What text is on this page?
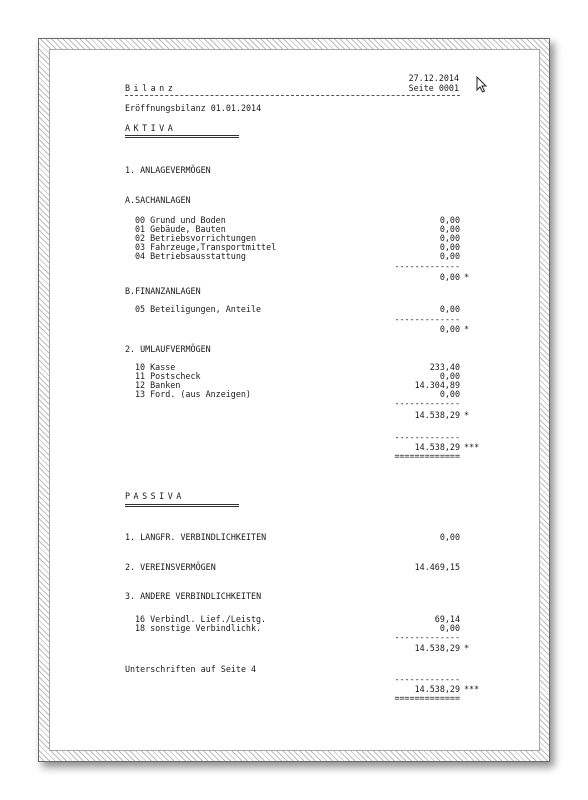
27.12.2014
Bilanz	Seite 0001
Eröffnungsbilanz 01.01.2014
AKTIVA
1. ANLAGEVERMÖGEN
A.SACHANLAGEN
00 Grund und Boden	0,00
01 Gebäude, Bauten	0,00
02 Betriebsvorrichtungen	0,00
03 Fahrzeuge,Transportmittel	0,00
04 Betriebsausstattung	0,00
-------------
0,00 *
B.FINANZANLAGEN
05 Beteiligungen, Anteile	0,00
-------------
0,00 *
2. UMLAUFVERMÖGEN
10 Kasse	233,40
11 Postscheck	0,00
12 Banken	14.304,89
13 Ford. (aus Anzeigen)	0,00
-------------
14.538,29 *
-------------
14.538,29 ***
=============
PASSIVA
1. LANGFR. VERBINDLICHKEITEN	0,00
2. VEREINSVERMÖGEN	14.469,15
3. ANDERE VERBINDLICHKEITEN
16 Verbindl. Lief./Leistg.	69,14
18 sonstige Verbindlichk.	0,00
-------------
14.538,29 *
Unterschriften auf Seite 4
-------------
14.538,29 ***
=============
